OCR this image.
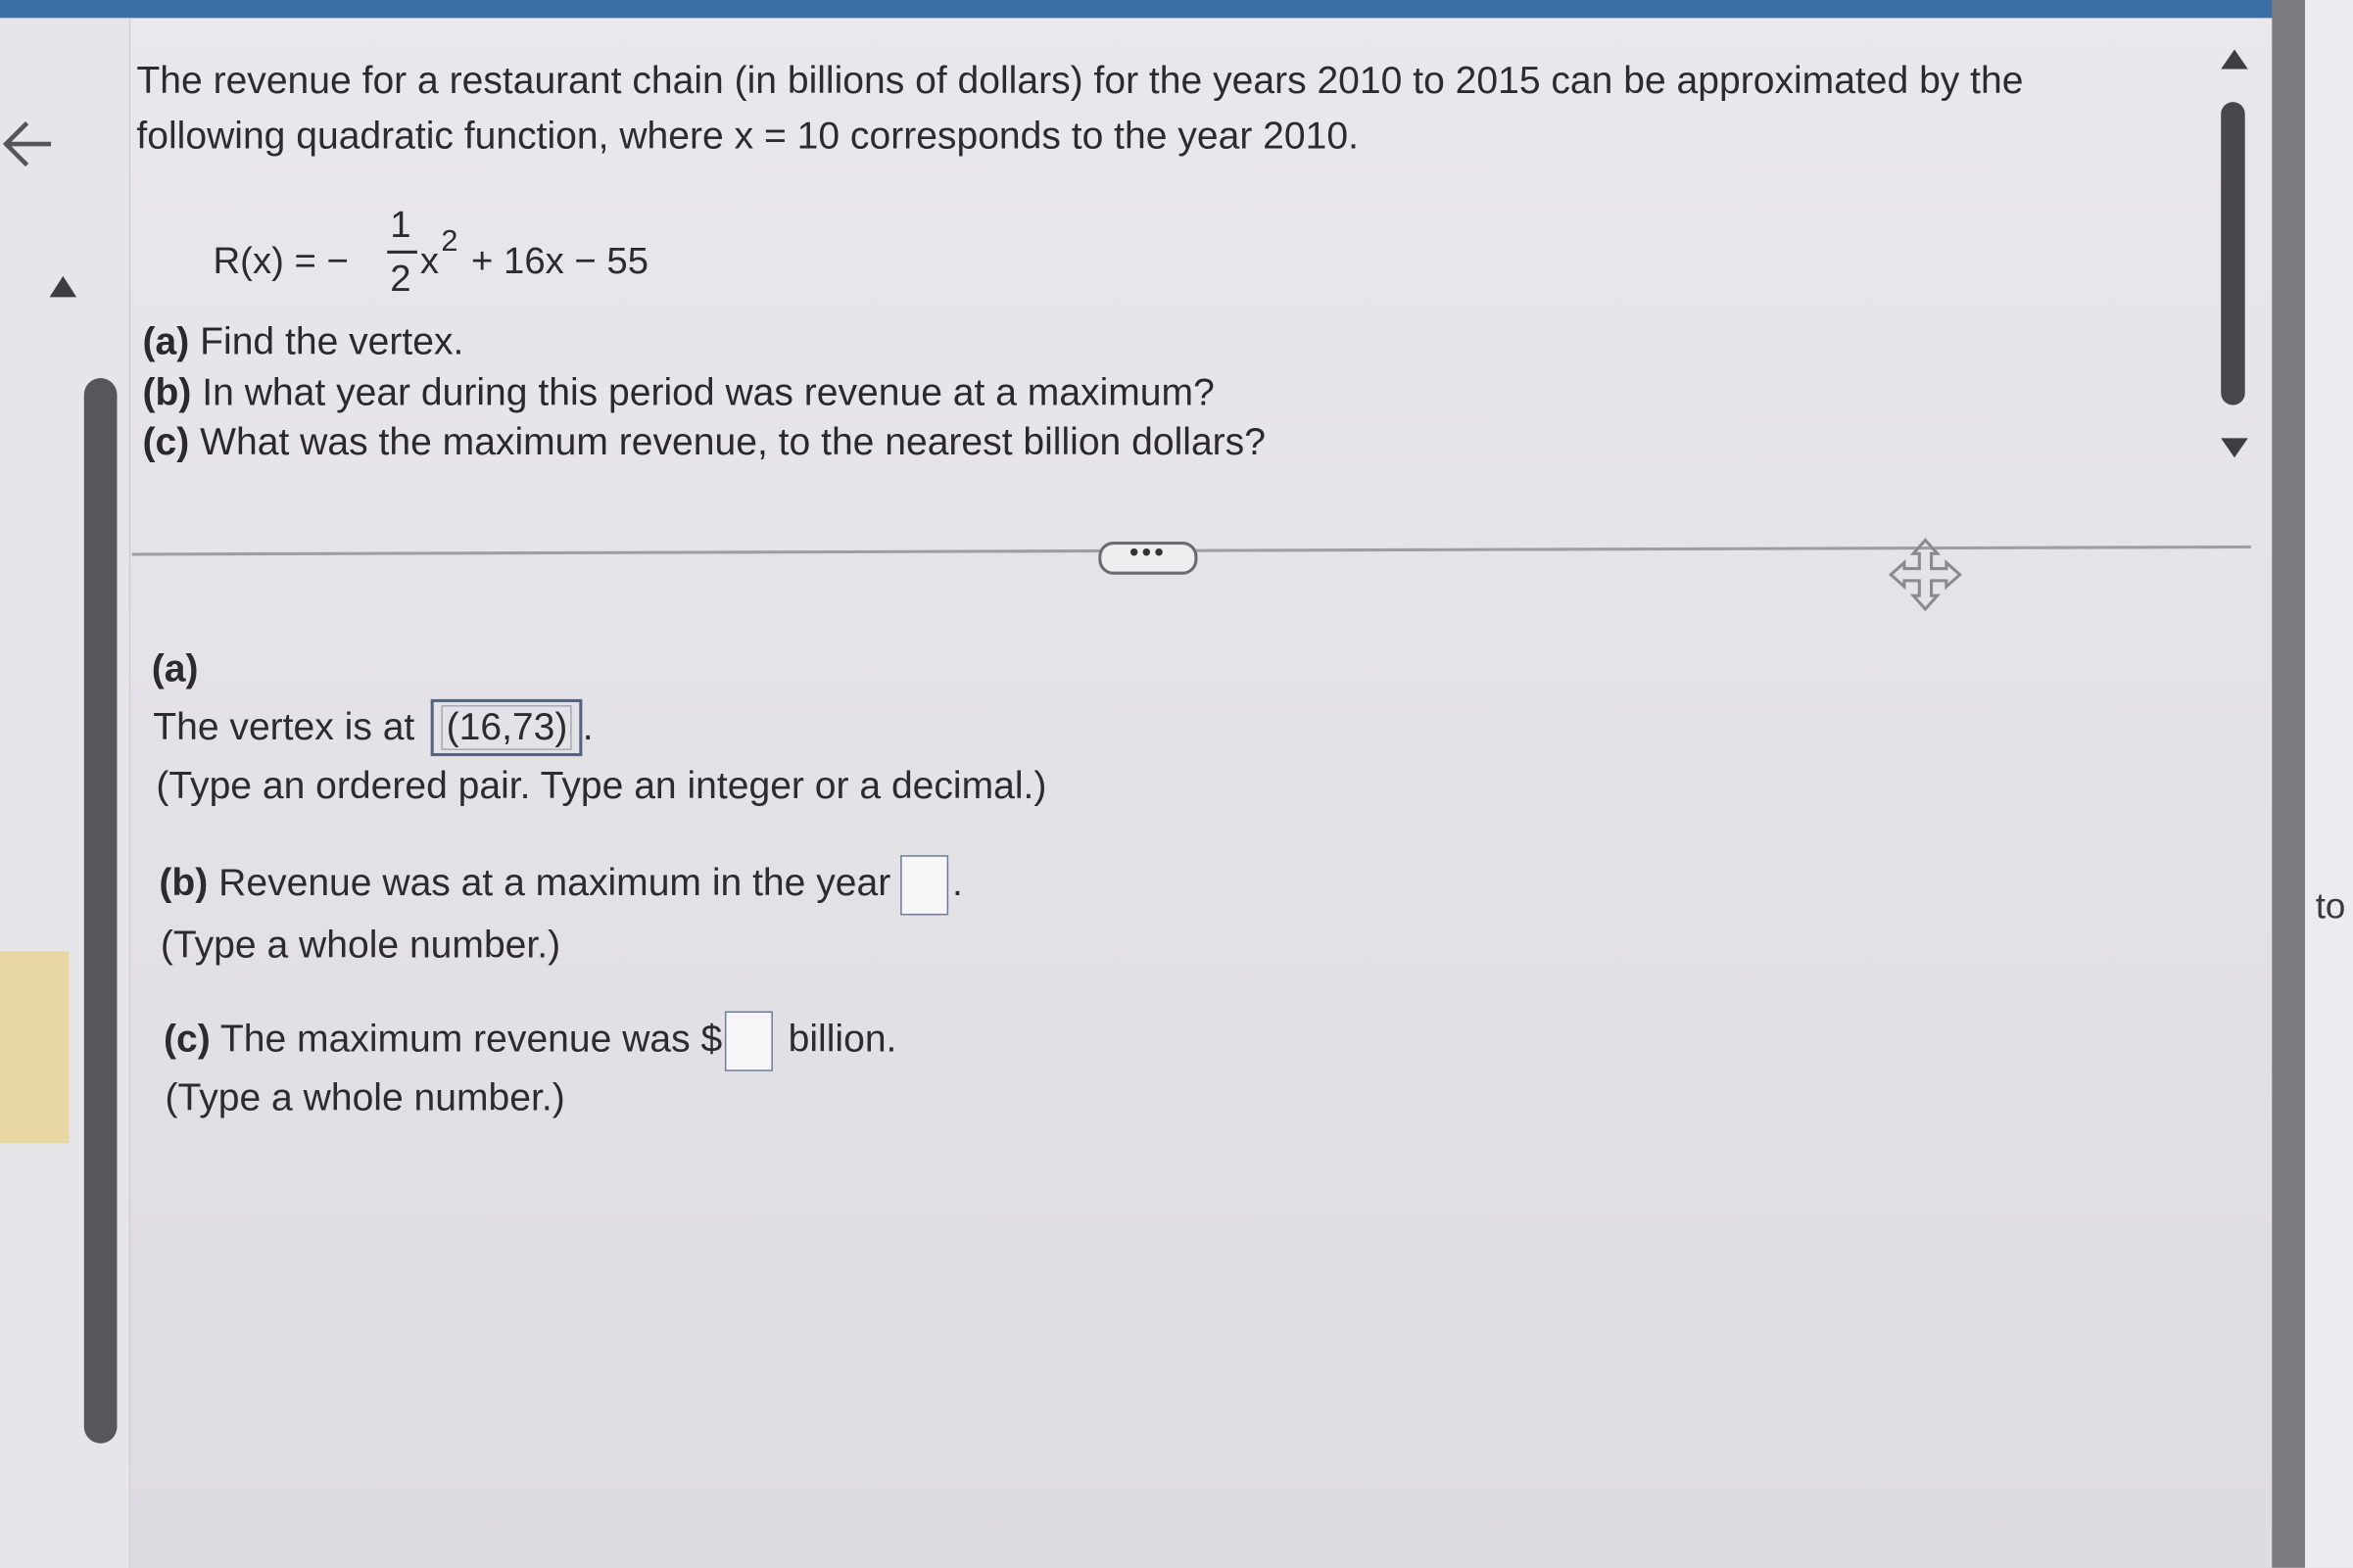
The revenue for a restaurant chain (in billions of dollars) for the years 2010 to 2015 can be approximated by the
following quadratic function, where x = 10 corresponds to the year 2010.
R(x) = −
1
2 x 2 + 16x − 55
(a) Find the vertex.
(b) In what year during this period was revenue at a maximum?
(c) What was the maximum revenue, to the nearest billion dollars?
•••
(a)
The vertex is at (16,73) .
(Type an ordered pair. Type an integer or a decimal.)
(b) Revenue was at a maximum in the year .
(Type a whole number.)
(c) The maximum revenue was $	billion.
(Type a whole number.)
to
